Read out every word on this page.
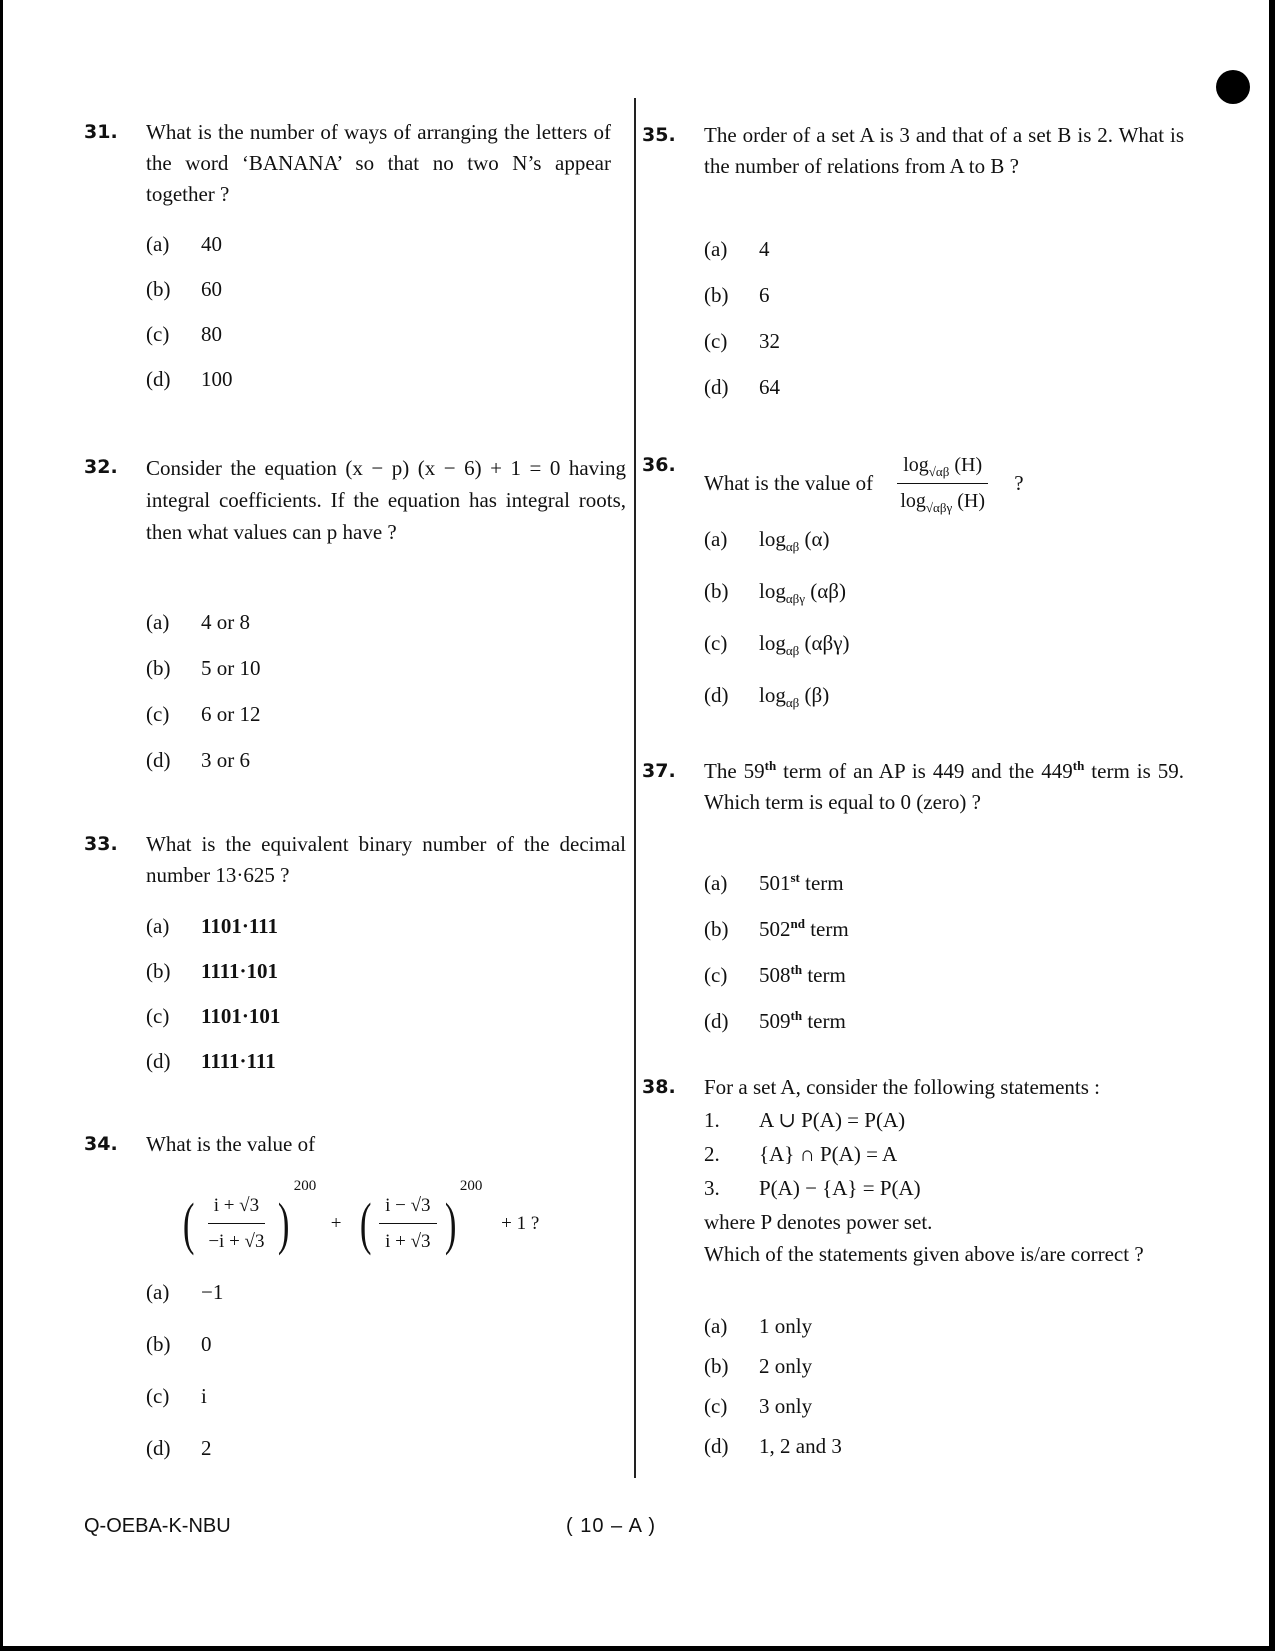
31. What is the number of ways of arranging the letters of the word ‘BANANA’ so that no two N’s appear together ?
(a) 40
(b) 60
(c) 80
(d) 100
32. Consider the equation (x − p) (x − 6) + 1 = 0 having integral coefficients. If the equation has integral roots, then what values can p have ?
(a) 4 or 8
(b) 5 or 10
(c) 6 or 12
(d) 3 or 6
33. What is the equivalent binary number of the decimal number 13·625 ?
(a) 1101·111
(b) 1111·101
(c) 1101·101
(d) 1111·111
34. What is the value of
( $\frac{i + √3}{-i + √3} )^{200}$ + ( $\frac{i - √3}{i + √3} )^{200} + 1$ ?
(a) −1
(b) 0
(c) i
(d) 2
35. The order of a set A is 3 and that of a set B is 2. What is the number of relations from A to B ?
(a) 4
(b) 6
(c) 32
(d) 64
36.
What is the value of $\frac{\log_{√\alpha\beta} (H)}{\log_{√\alpha\beta\gamma} (H)}$ ?
(a) $\log_{\alpha\beta} (\alpha)$
(b) $\log_{\alpha\beta\gamma} (\alpha\beta)$
(c) $\log_{\alpha\beta} (\alpha\beta\gamma)$
(d) $\log_{\alpha\beta} (\beta)$
37. The 59th term of an AP is 449 and the 449th term is 59. Which term is equal to 0 (zero) ?
(a) 501st term
(b) 502nd term
(c) 508th term
(d) 509th term
38. For a set A, consider the following statements :
1. A ∪ P(A) = P(A)
2. {A} ∩ P(A) = A
3. P(A) − {A} = P(A)
where P denotes power set.
Which of the statements given above is/are correct ?
(a) 1 only
(b) 2 only
(c) 3 only
(d) 1, 2 and 3
Q-OEBA-K-NBU	( 10 – A )
